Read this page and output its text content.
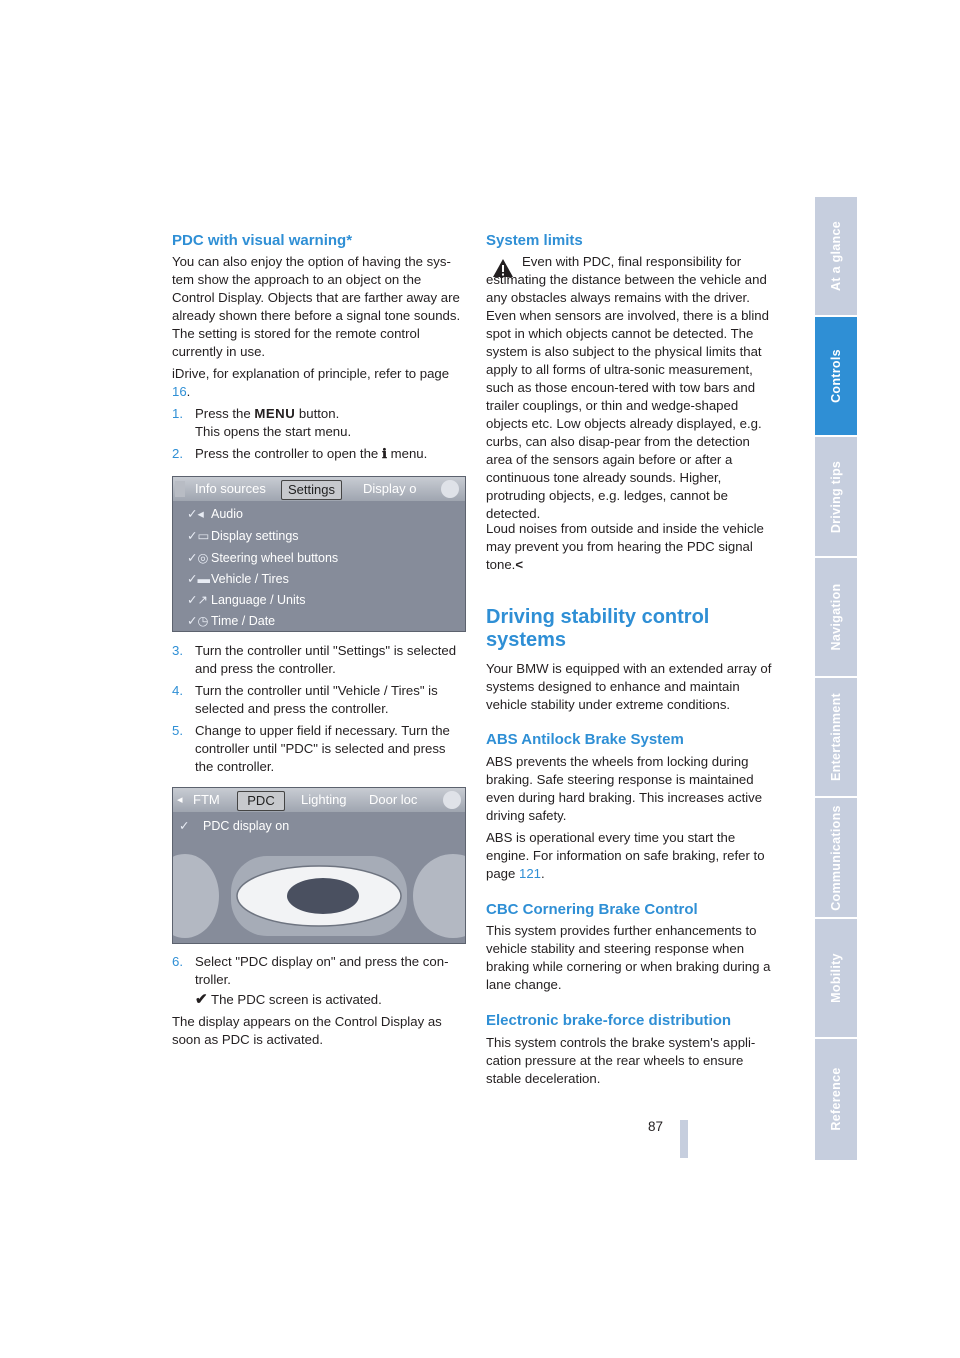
PDC with visual warning*

You can also enjoy the option of having the sys-tem show the approach to an object on the Control Display. Objects that are farther away are already shown there before a signal tone sounds. The setting is stored for the remote control currently in use.

iDrive, for explanation of principle, refer to page 16.

1. Press the MENU button.
This opens the start menu.
2. Press the controller to open the ℹ menu.
Info sources	Settings	Display o
✓◂ Audio
✓▭ Display settings
✓◎ Steering wheel buttons
✓▬Vehicle / Tires
✓↗ Language / Units
✓◷ Time / Date
3. Turn the controller until "Settings" is selected and press the controller.
4. Turn the controller until "Vehicle / Tires" is selected and press the controller.
5. Change to upper field if necessary. Turn the controller until "PDC" is selected and press the controller.
◂ FTM	PDC	Lighting Door loc
✓ PDC display on
6. Select "PDC display on" and press the con-troller.
✔ The PDC screen is activated.

The display appears on the Control Display as soon as PDC is activated.

System limits

Even with PDC, final responsibility for estimating the distance between the vehicle and any obstacles always remains with the driver. Even when sensors are involved, there is a blind spot in which objects cannot be detected. The system is also subject to the physical limits that apply to all forms of ultra-sonic measurement, such as those encoun-tered with tow bars and trailer couplings, or thin and wedge-shaped objects etc. Low objects already displayed, e.g. curbs, can also disap-pear from the detection area of the sensors again before or after a continuous tone already sounds. Higher, protruding objects, e.g. ledges, cannot be detected.

Loud noises from outside and inside the vehicle may prevent you from hearing the PDC signal tone.<

Driving stability control systems

Your BMW is equipped with an extended array of systems designed to enhance and maintain vehicle stability under extreme conditions.

ABS Antilock Brake System

ABS prevents the wheels from locking during braking. Safe steering response is maintained even during hard braking. This increases active driving safety.

ABS is operational every time you start the engine. For information on safe braking, refer to page 121.

CBC Cornering Brake Control

This system provides further enhancements to vehicle stability and steering response when braking while cornering or when braking during a lane change.

Electronic brake-force distribution

This system controls the brake system's appli-cation pressure at the rear wheels to ensure stable deceleration.

87
At a glance
Controls
Driving tips
Navigation
Entertainment
Communications
Mobility
Reference
